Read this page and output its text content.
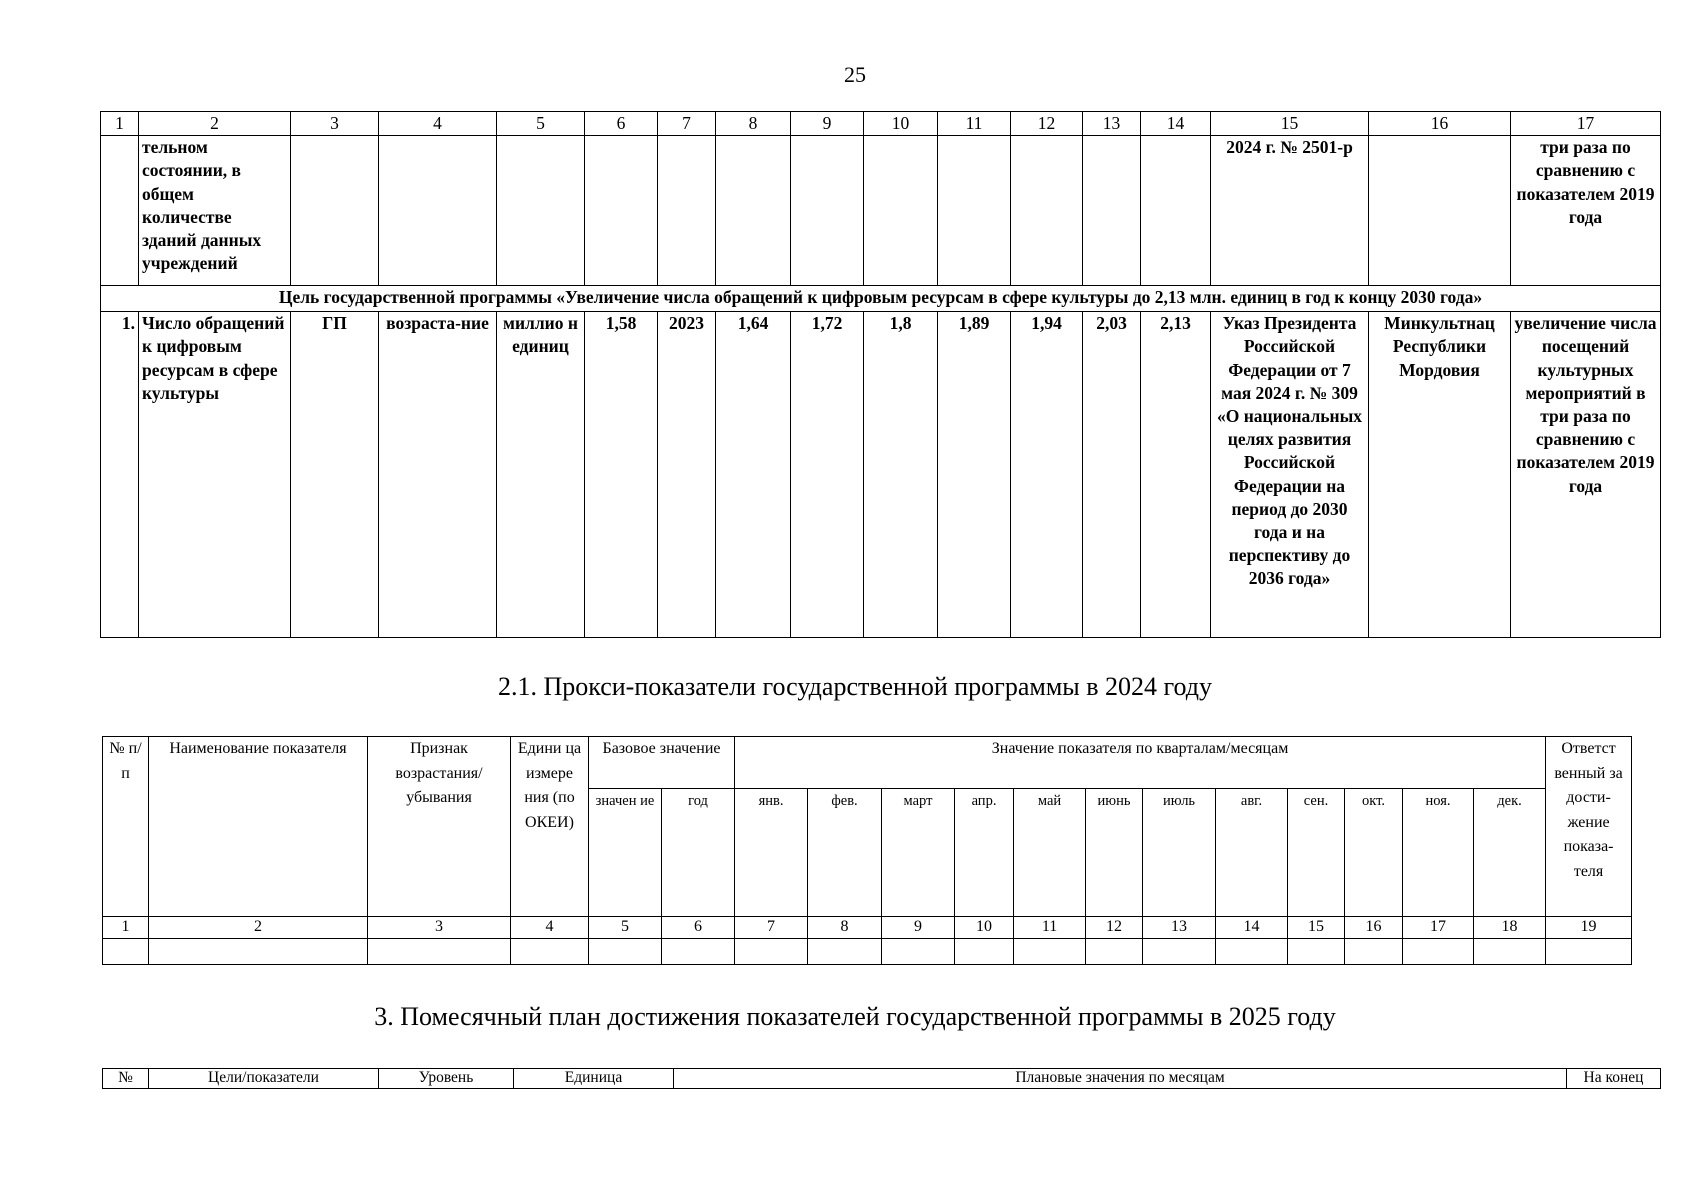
25
1	2	3	4	5	6	7	8	9	10	11	12	13	14	15	16	17
	тельном состоянии, в общем количестве зданий данных учреждений													2024 г. № 2501-р		три раза по сравнению с показателем 2019 года
Цель государственной программы «Увеличение числа обращений к цифровым ресурсам в сфере культуры до 2,13 млн. единиц в год к концу 2030 года»																
1.	Число обращений к цифровым ресурсам в сфере культуры	ГП	возраста-ние	миллио н единиц	1,58	2023	1,64	1,72	1,8	1,89	1,94	2,03	2,13	Указ Президента Российской Федерации от 7 мая 2024 г. № 309 «О национальных целях развития Российской Федерации на период до 2030 года и на перспективу до 2036 года»	Минкультнац Республики Мордовия	увеличение числа посещений культурных мероприятий в три раза по сравнению с показателем 2019 года
2.1. Прокси-показатели государственной программы в 2024 году
№ п/п	Наименование показателя	Признак возрастания/ убывания	Едини ца измере ния (по ОКЕИ)	Базовое значение		Значение показателя по кварталам/месяцам												Ответст венный за дости-жение показа-теля
				значен ие	год	янв.	фев.	март	апр.	май	июнь	июль	авг.	сен.	окт.	ноя.	дек.	
1	2	3	4	5	6	7	8	9	10	11	12	13	14	15	16	17	18	19

3. Помесячный план достижения показателей государственной программы в 2025 году
№	Цели/показатели	Уровень	Единица	Плановые значения по месяцам	На конец
